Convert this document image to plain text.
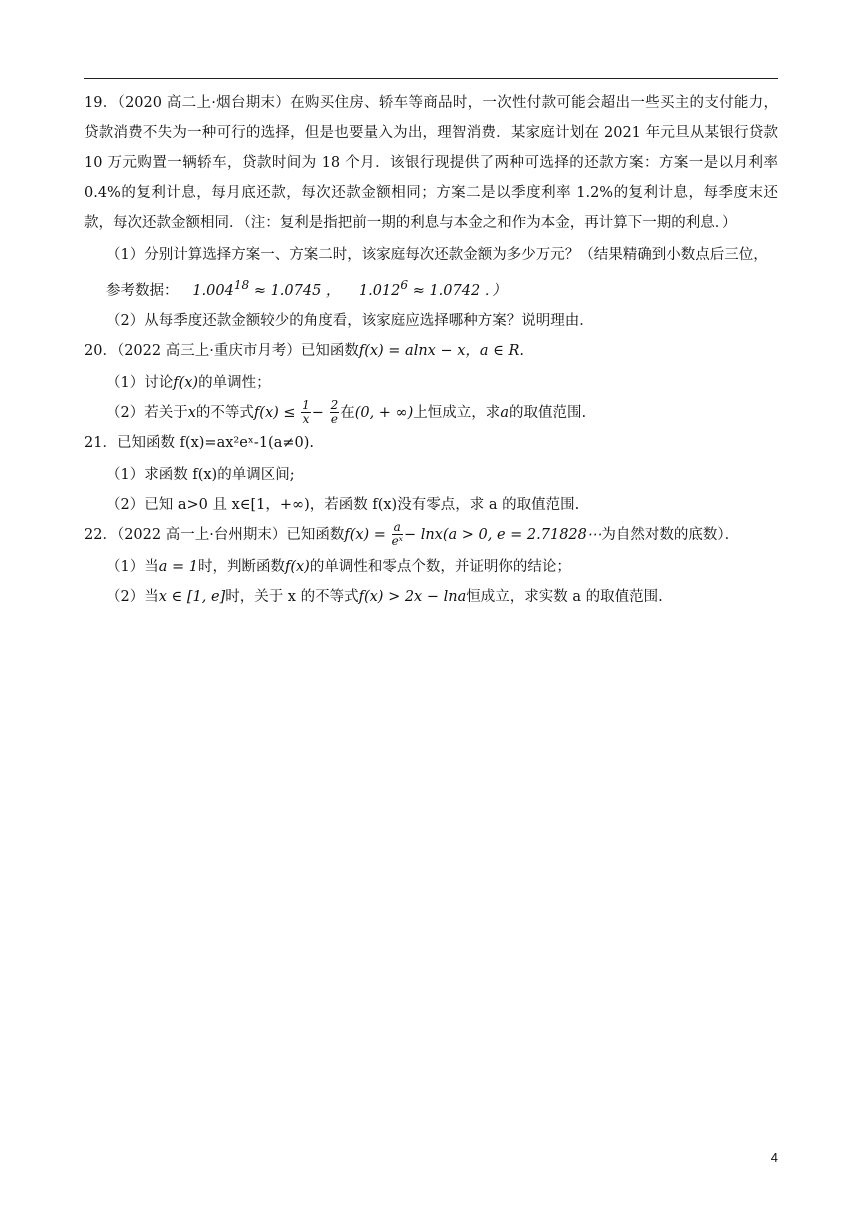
19．（2020 高二上·烟台期末）在购买住房、轿车等商品时，一次性付款可能会超出一些买主的支付能力，贷款消费不失为一种可行的选择，但是也要量入为出，理智消费．某家庭计划在 2021 年元旦从某银行贷款 10 万元购置一辆轿车，贷款时间为 18 个月．该银行现提供了两种可选择的还款方案：方案一是以月利率 0.4%的复利计息，每月底还款，每次还款金额相同；方案二是以季度利率 1.2%的复利计息，每季度末还款，每次还款金额相同．（注：复利是指把前一期的利息与本金之和作为本金，再计算下一期的利息．）

（1）分别计算选择方案一、方案二时，该家庭每次还款金额为多少万元？（结果精确到小数点后三位，参考数据： $1.004^{18} \approx 1.0745$ ， $1.012^6 \approx 1.0742$ ．）

（2）从每季度还款金额较少的角度看，该家庭应选择哪种方案？说明理由．

20．（2022 高三上·重庆市月考）已知函数f(x) = alnx − x，a ∈ R.

（1）讨论f(x)的单调性；

（2）若关于x的不等式$f(x) \le \frac{1}{x} - \frac{2}{e}$ 在(0, + ∞)上恒成立，求a的取值范围.

21．已知函数 f(x)=ax²eˣ-1(a≠0).

（1）求函数 f(x)的单调区间;

（2）已知 a>0 且 x∈[1，+∞)，若函数 f(x)没有零点，求 a 的取值范围.

22．（2022 高一上·台州期末）已知函数$f(x) = \frac{a}{\text{eˣ}} - \ln x(a > 0$, e = 2.71828⋯为自然对数的底数）．

（1）当a = 1时，判断函数f(x)的单调性和零点个数，并证明你的结论；

（2）当x ∈ [1, e]时，关于 x 的不等式f(x) > 2x − lna恒成立，求实数 a 的取值范围.

4
